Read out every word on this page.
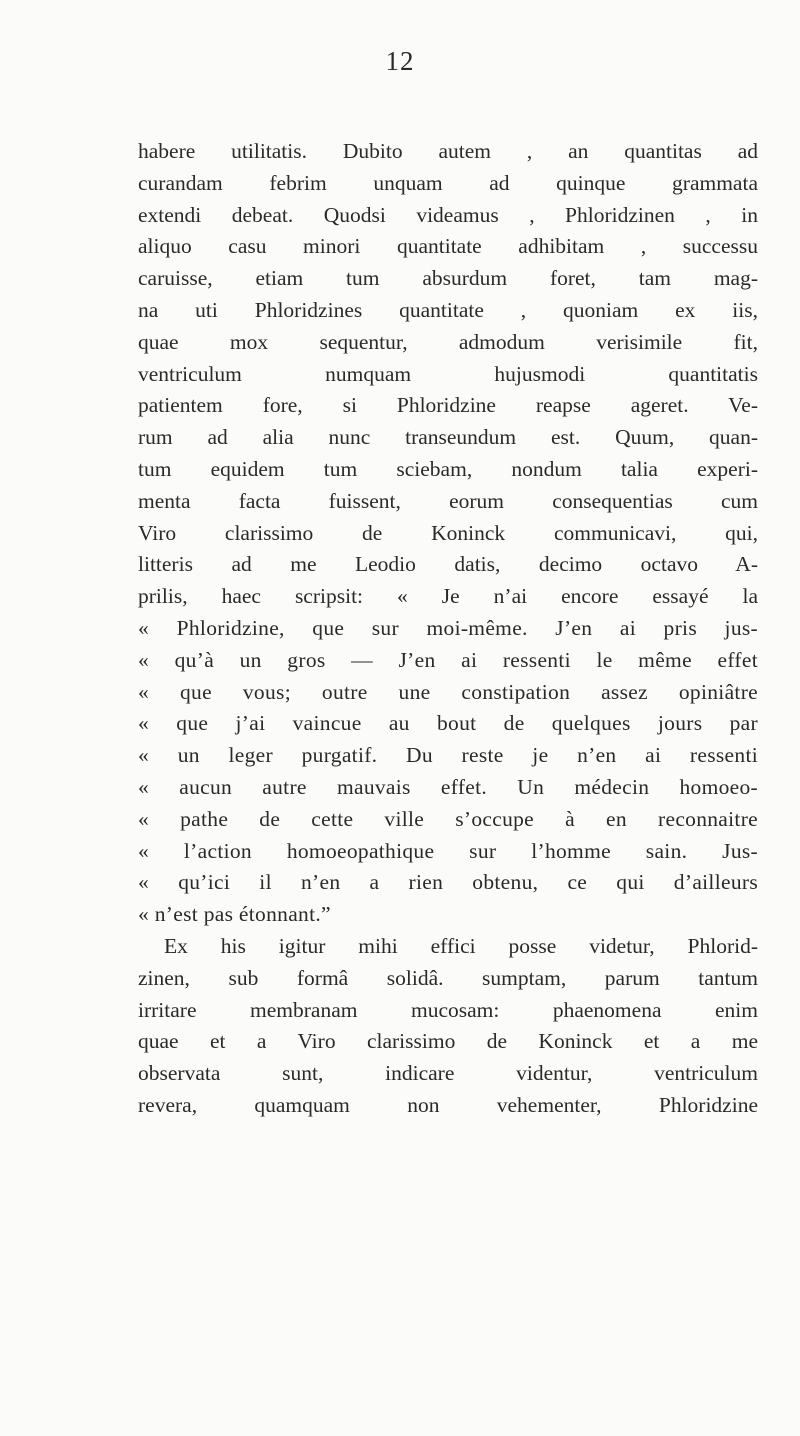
12
habere utilitatis. Dubito autem , an quantitas ad
curandam febrim unquam ad quinque grammata
extendi debeat. Quodsi videamus , Phloridzinen , in
aliquo casu minori quantitate adhibitam , successu
caruisse, etiam tum absurdum foret, tam mag-
na uti Phloridzines quantitate , quoniam ex iis,
quae mox sequentur, admodum verisimile fit,
ventriculum numquam hujusmodi quantitatis
patientem fore, si Phloridzine reapse ageret. Ve-
rum ad alia nunc transeundum est. Quum, quan-
tum equidem tum sciebam, nondum talia experi-
menta facta fuissent, eorum consequentias cum
Viro clarissimo de Koninck communicavi, qui,
litteris ad me Leodio datis, decimo octavo A-
prilis, haec scripsit: « Je n’ai encore essayé la
« Phloridzine, que sur moi-même. J’en ai pris jus-
« qu’à un gros — J’en ai ressenti le même effet
« que vous; outre une constipation assez opiniâtre
« que j’ai vaincue au bout de quelques jours par
« un leger purgatif. Du reste je n’en ai ressenti
« aucun autre mauvais effet. Un médecin homoeo-
« pathe de cette ville s’occupe à en reconnaitre
« l’action homoeopathique sur l’homme sain. Jus-
« qu’ici il n’en a rien obtenu, ce qui d’ailleurs
« n’est pas étonnant.”
Ex his igitur mihi effici posse videtur, Phlorid-
zinen, sub formâ solidâ. sumptam, parum tantum
irritare membranam mucosam: phaenomena enim
quae et a Viro clarissimo de Koninck et a me
observata sunt, indicare videntur, ventriculum
revera, quamquam non vehementer, Phloridzine
